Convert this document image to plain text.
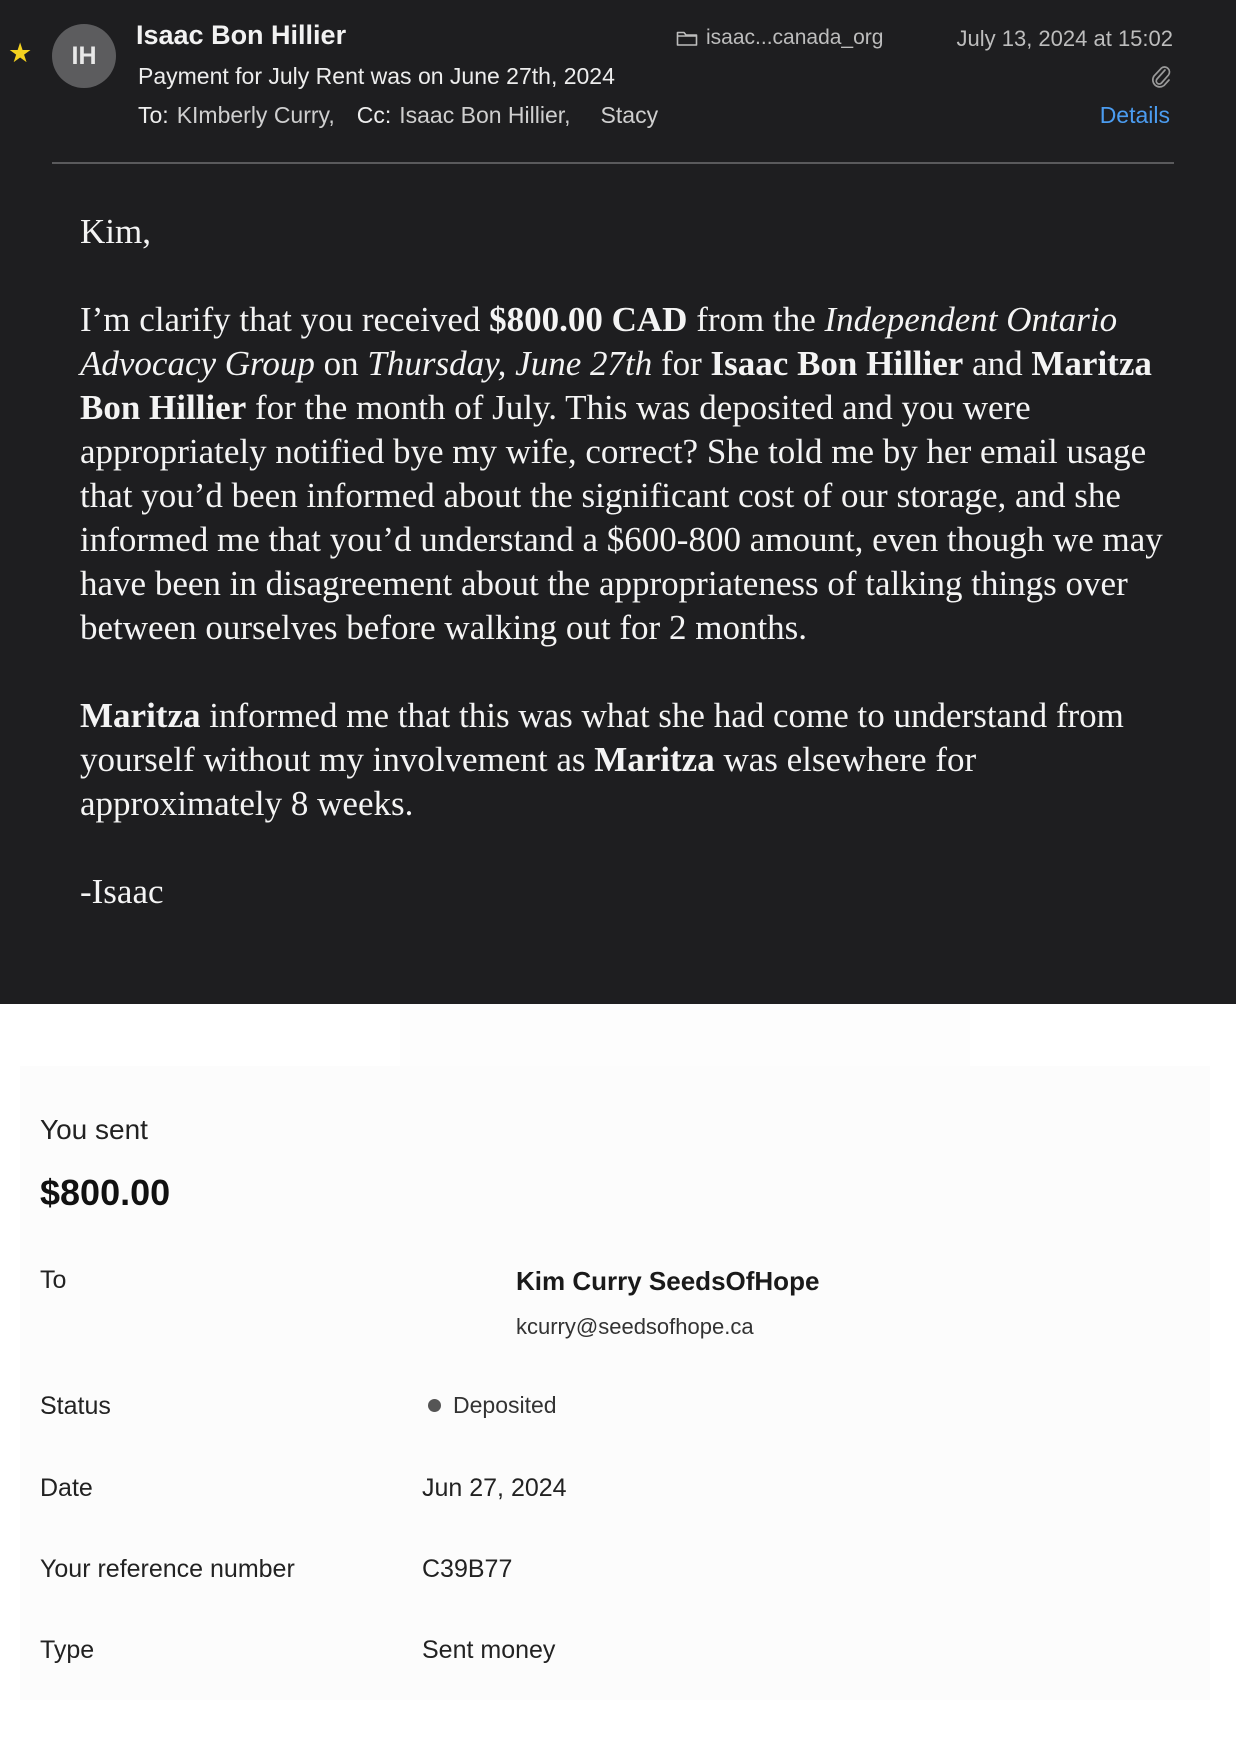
★	IH
Isaac Bon Hillier
Payment for July Rent was on June 27th, 2024
To: KImberly Curry, Cc: Isaac Bon Hillier, Stacy
isaac...canada_org	July 13, 2024 at 15:02
Details

Kim,

I’m clarify that you received $800.00 CAD from the Independent Ontario Advocacy Group on Thursday, June 27th for Isaac Bon Hillier and Maritza Bon Hillier for the month of July. This was deposited and you were appropriately notified bye my wife, correct? She told me by her email usage that you’d been informed about the significant cost of our storage, and she informed me that you’d understand a $600-800 amount, even though we may have been in disagreement about the appropriateness of talking things over between ourselves before walking out for 2 months.

Maritza informed me that this was what she had come to understand from yourself without my involvement as Maritza was elsewhere for approximately 8 weeks.

-Isaac

You sent
$800.00
To	Kim Curry SeedsOfHope
kcurry@seedsofhope.ca
Status	Deposited
Date	Jun 27, 2024
Your reference number	C39B77
Type	Sent money
